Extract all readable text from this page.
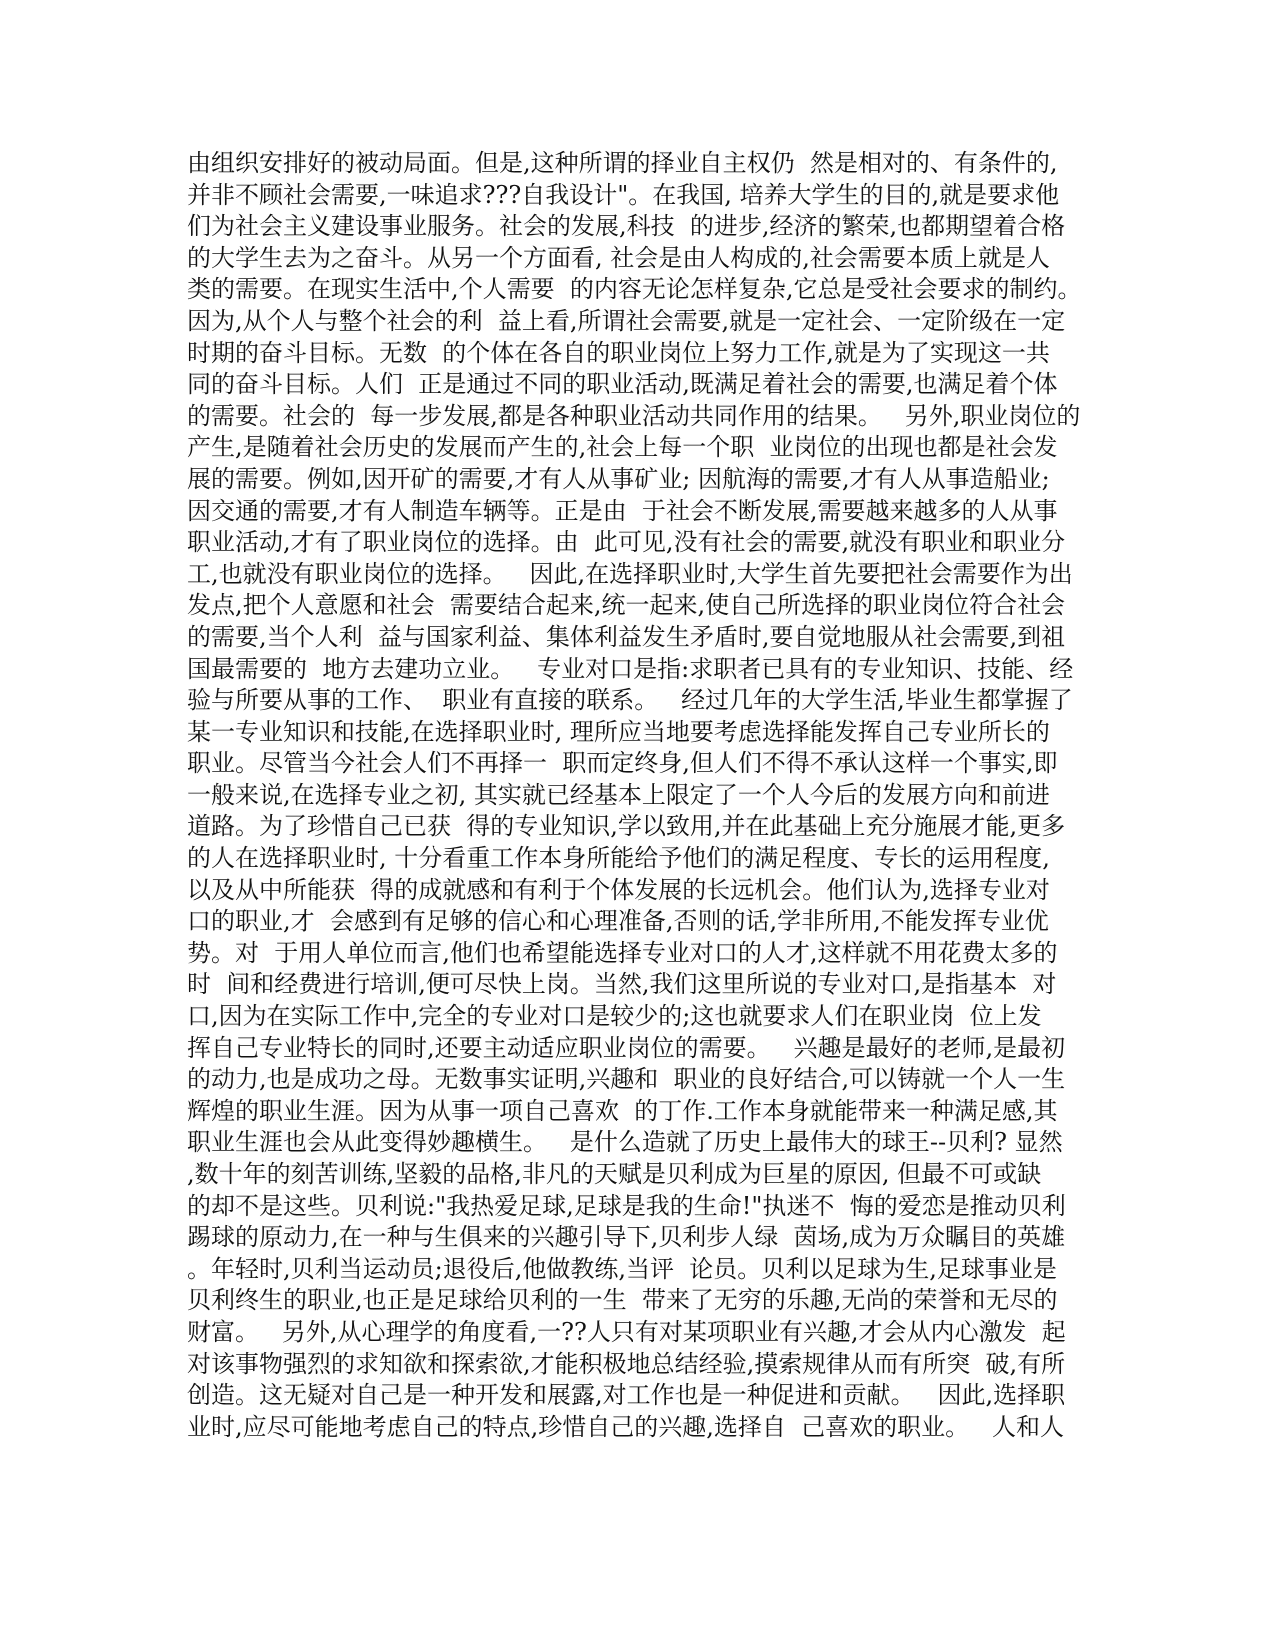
由组织安排好的被动局面。但是,这种所谓的择业自主权仍  然是相对的、有条件的,
并非不顾社会需要,一味追求???自我设计"。在我国, 培养大学生的目的,就是要求他
们为社会主义建设事业服务。社会的发展,科技  的进步,经济的繁荣,也都期望着合格
的大学生去为之奋斗。从另一个方面看, 社会是由人构成的,社会需要本质上就是人
类的需要。在现实生活中,个人需要  的内容无论怎样复杂,它总是受社会要求的制约。
因为,从个人与整个社会的利  益上看,所谓社会需要,就是一定社会、一定阶级在一定
时期的奋斗目标。无数  的个体在各自的职业岗位上努力工作,就是为了实现这一共
同的奋斗目标。人们  正是通过不同的职业活动,既满足着社会的需要,也满足着个体
的需要。社会的  每一步发展,都是各种职业活动共同作用的结果。   另外,职业岗位的
产生,是随着社会历史的发展而产生的,社会上每一个职  业岗位的出现也都是社会发
展的需要。例如,因开矿的需要,才有人从事矿业; 因航海的需要,才有人从事造船业;
因交通的需要,才有人制造车辆等。正是由  于社会不断发展,需要越来越多的人从事
职业活动,才有了职业岗位的选择。由  此可见,没有社会的需要,就没有职业和职业分
工,也就没有职业岗位的选择。   因此,在选择职业时,大学生首先要把社会需要作为出
发点,把个人意愿和社会  需要结合起来,统一起来,使自己所选择的职业岗位符合社会
的需要,当个人利  益与国家利益、集体利益发生矛盾时,要自觉地服从社会需要,到祖
国最需要的  地方去建功立业。   专业对口是指:求职者已具有的专业知识、技能、经
验与所要从事的工作、  职业有直接的联系。   经过几年的大学生活,毕业生都掌握了
某一专业知识和技能,在选择职业时, 理所应当地要考虑选择能发挥自己专业所长的
职业。尽管当今社会人们不再择一  职而定终身,但人们不得不承认这样一个事实,即
一般来说,在选择专业之初, 其实就已经基本上限定了一个人今后的发展方向和前进
道路。为了珍惜自己已获  得的专业知识,学以致用,并在此基础上充分施展才能,更多
的人在选择职业时, 十分看重工作本身所能给予他们的满足程度、专长的运用程度,
以及从中所能获  得的成就感和有利于个体发展的长远机会。他们认为,选择专业对
口的职业,才  会感到有足够的信心和心理准备,否则的话,学非所用,不能发挥专业优
势。对  于用人单位而言,他们也希望能选择专业对口的人才,这样就不用花费太多的
时  间和经费进行培训,便可尽快上岗。当然,我们这里所说的专业对口,是指基本  对
口,因为在实际工作中,完全的专业对口是较少的;这也就要求人们在职业岗  位上发
挥自己专业特长的同时,还要主动适应职业岗位的需要。   兴趣是最好的老师,是最初
的动力,也是成功之母。无数事实证明,兴趣和  职业的良好结合,可以铸就一个人一生
辉煌的职业生涯。因为从事一项自己喜欢  的丁作.工作本身就能带来一种满足感,其
职业生涯也会从此变得妙趣横生。   是什么造就了历史上最伟大的球王--贝利? 显然
,数十年的刻苦训练,坚毅的品格,非凡的天赋是贝利成为巨星的原因, 但最不可或缺
的却不是这些。贝利说:"我热爱足球,足球是我的生命!"执迷不  悔的爱恋是推动贝利
踢球的原动力,在一种与生俱来的兴趣引导下,贝利步人绿  茵场,成为万众瞩目的英雄
。年轻时,贝利当运动员;退役后,他做教练,当评  论员。贝利以足球为生,足球事业是
贝利终生的职业,也正是足球给贝利的一生  带来了无穷的乐趣,无尚的荣誉和无尽的
财富。   另外,从心理学的角度看,一??人只有对某项职业有兴趣,才会从内心激发  起
对该事物强烈的求知欲和探索欲,才能积极地总结经验,摸索规律从而有所突  破,有所
创造。这无疑对自己是一种开发和展露,对工作也是一种促进和贡献。   因此,选择职
业时,应尽可能地考虑自己的特点,珍惜自己的兴趣,选择自  己喜欢的职业。   人和人
